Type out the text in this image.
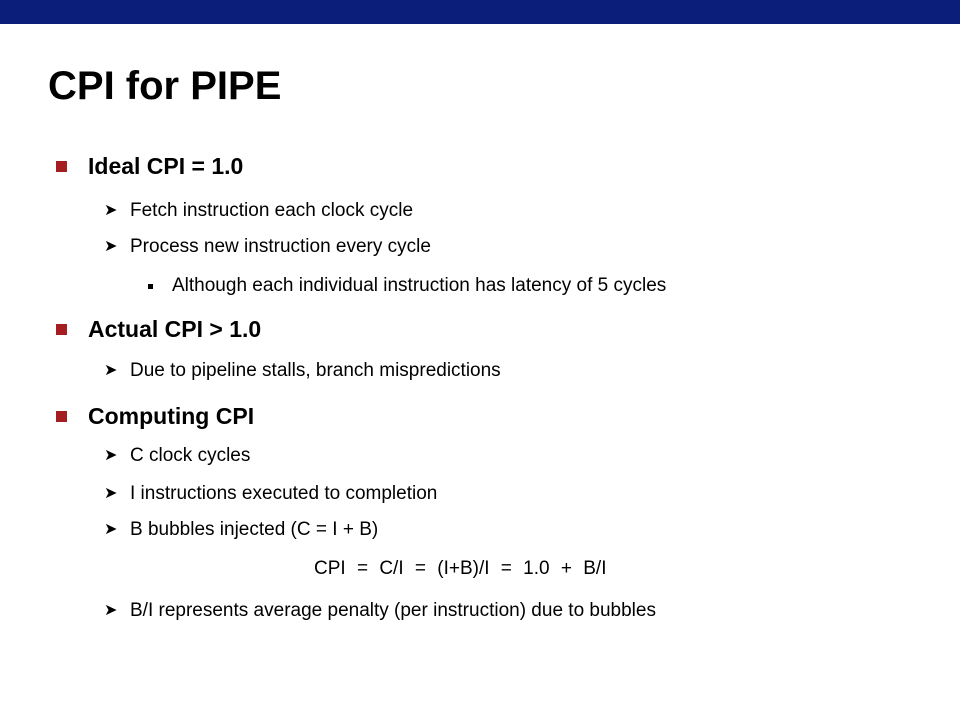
CPI for PIPE
Ideal CPI = 1.0
➤ Fetch instruction each clock cycle
➤ Process new instruction every cycle
Although each individual instruction has latency of 5 cycles
Actual CPI > 1.0
➤ Due to pipeline stalls, branch mispredictions
Computing CPI
➤ C clock cycles
➤ I instructions executed to completion
➤ B bubbles injected (C = I + B)
CPI = C/I = (I+B)/I = 1.0 + B/I
➤ B/I represents average penalty (per instruction) due to bubbles
